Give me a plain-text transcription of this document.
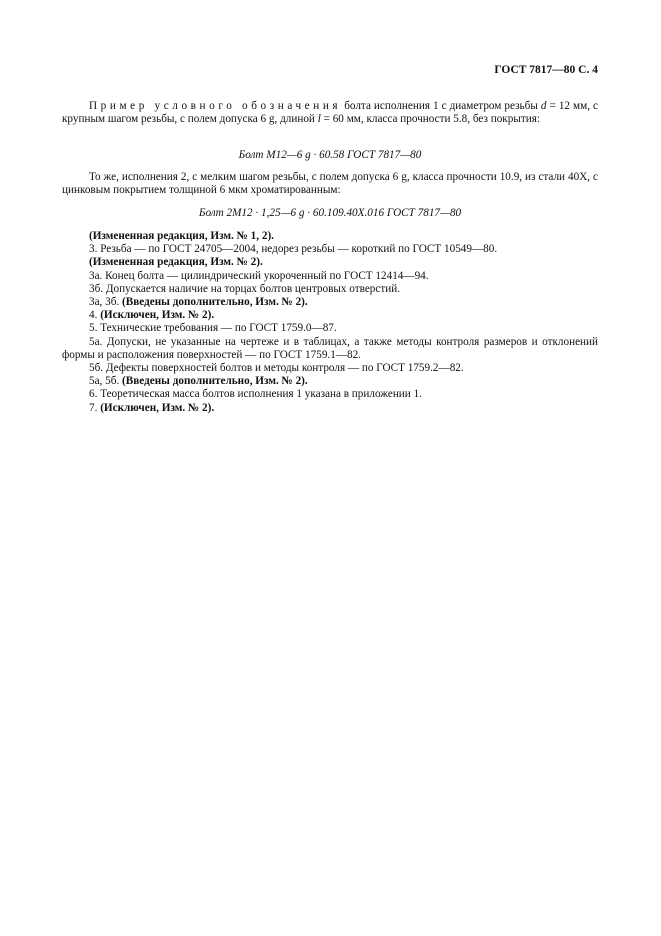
ГОСТ 7817—80 С. 4

Пример условного обозначения болта исполнения 1 с диаметром резьбы d = 12 мм, с крупным шагом резьбы, с полем допуска 6 g, длиной l = 60 мм, класса прочности 5.8, без покрытия:

Болт М12—6 g · 60.58 ГОСТ 7817—80

То же, исполнения 2, с мелким шагом резьбы, с полем допуска 6 g, класса прочности 10.9, из стали 40Х, с цинковым покрытием толщиной 6 мкм хроматированным:

Болт 2М12 · 1,25—6 g · 60.109.40Х.016 ГОСТ 7817—80

(Измененная редакция, Изм. № 1, 2).

3. Резьба — по ГОСТ 24705—2004, недорез резьбы — короткий по ГОСТ 10549—80.

(Измененная редакция, Изм. № 2).

3а. Конец болта — цилиндрический укороченный по ГОСТ 12414—94.

3б. Допускается наличие на торцах болтов центровых отверстий.

3а, 3б. (Введены дополнительно, Изм. № 2).

4. (Исключен, Изм. № 2).

5. Технические требования — по ГОСТ 1759.0—87.

5а. Допуски, не указанные на чертеже и в таблицах, а также методы контроля размеров и отклонений формы и расположения поверхностей — по ГОСТ 1759.1—82.

5б. Дефекты поверхностей болтов и методы контроля — по ГОСТ 1759.2—82.

5а, 5б. (Введены дополнительно, Изм. № 2).

6. Теоретическая масса болтов исполнения 1 указана в приложении 1.

7. (Исключен, Изм. № 2).
